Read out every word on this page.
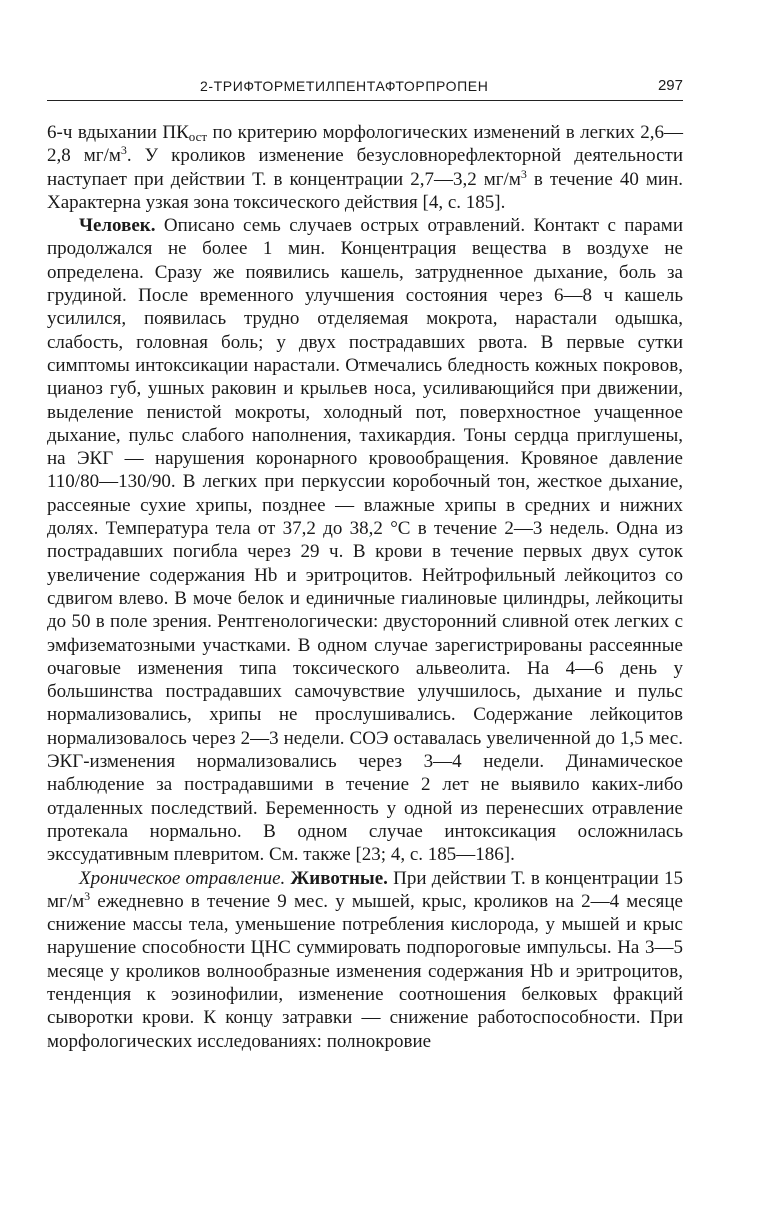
2-ТРИФТОРМЕТИЛПЕНТАФТОРПРОПЕН	297

6-ч вдыхании $ПК_{ост}$ по критерию морфологических изменений в легких 2,6—2,8 $мг/м^3$. У кроликов изменение безусловнорефлекторной деятельности наступает при действии Т. в концентрации 2,7—3,2 $мг/м^3$ в течение 40 мин. Характерна узкая зона токсического действия [4, с. 185].

Человек. Описано семь случаев острых отравлений. Контакт с парами продолжался не более 1 мин. Концентрация вещества в воздухе не определена. Сразу же появились кашель, затрудненное дыхание, боль за грудиной. После временного улучшения состояния через 6—8 ч кашель усилился, появилась трудно отделяемая мокрота, нарастали одышка, слабость, головная боль; у двух пострадавших рвота. В первые сутки симптомы интоксикации нарастали. Отмечались бледность кожных покровов, цианоз губ, ушных раковин и крыльев носа, усиливающийся при движении, выделение пенистой мокроты, холодный пот, поверхностное учащенное дыхание, пульс слабого наполнения, тахикардия. Тоны сердца приглушены, на ЭКГ — нарушения коронарного кровообращения. Кровяное давление 110/80—130/90. В легких при перкуссии коробочный тон, жесткое дыхание, рассеяные сухие хрипы, позднее — влажные хрипы в средних и нижних долях. Температура тела от 37,2 до 38,2 °C в течение 2—3 недель. Одна из пострадавших погибла через 29 ч. В крови в течение первых двух суток увеличение содержания Hb и эритроцитов. Нейтрофильный лейкоцитоз со сдвигом влево. В моче белок и единичные гиалиновые цилиндры, лейкоциты до 50 в поле зрения. Рентгенологически: двусторонний сливной отек легких с эмфизематозными участками. В одном случае зарегистрированы рассеянные очаговые изменения типа токсического альвеолита. На 4—6 день у большинства пострадавших самочувствие улучшилось, дыхание и пульс нормализовались, хрипы не прослушивались. Содержание лейкоцитов нормализовалось через 2—3 недели. СОЭ оставалась увеличенной до 1,5 мес. ЭКГ-изменения нормализовались через 3—4 недели. Динамическое наблюдение за пострадавшими в течение 2 лет не выявило каких-либо отдаленных последствий. Беременность у одной из перенесших отравление протекала нормально. В одном случае интоксикация осложнилась экссудативным плевритом. См. также [23; 4, с. 185—186].

Хроническое отравление. Животные. При действии Т. в концентрации 15 $мг/м^3$ ежедневно в течение 9 мес. у мышей, крыс, кроликов на 2—4 месяце снижение массы тела, уменьшение потребления кислорода, у мышей и крыс нарушение способности ЦНС суммировать подпороговые импульсы. На 3—5 месяце у кроликов волнообразные изменения содержания Hb и эритроцитов, тенденция к эозинофилии, изменение соотношения белковых фракций сыворотки крови. К концу затравки — снижение работоспособности. При морфологических исследованиях: полнокровие
